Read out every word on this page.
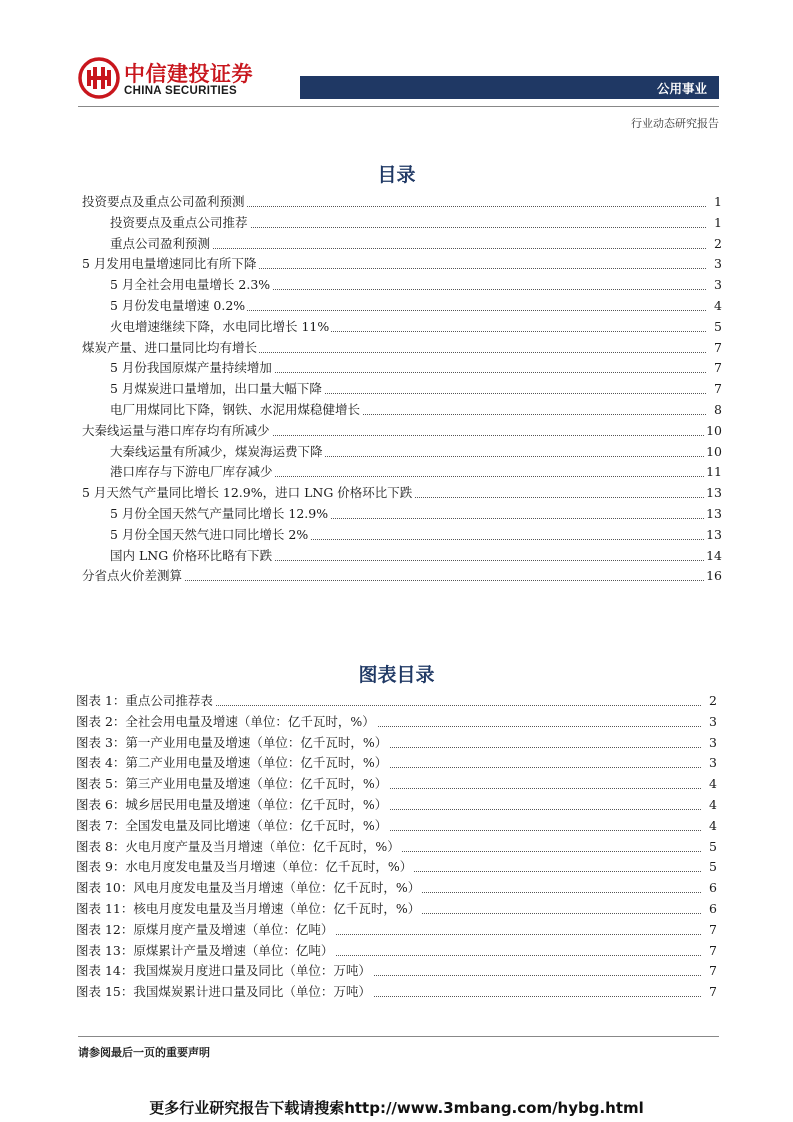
中信建投证券
CHINA SECURITIES	公用事业
行业动态研究报告
目录
投资要点及重点公司盈利预测	1
投资要点及重点公司推荐	1
重点公司盈利预测	2
5 月发用电量增速同比有所下降	3
5 月全社会用电量增长 2.3%	3
5 月份发电量增速 0.2%	4
火电增速继续下降，水电同比增长 11%	5
煤炭产量、进口量同比均有增长	7
5 月份我国原煤产量持续增加	7
5 月煤炭进口量增加，出口量大幅下降	7
电厂用煤同比下降，钢铁、水泥用煤稳健增长	8
大秦线运量与港口库存均有所减少	10
大秦线运量有所减少，煤炭海运费下降	10
港口库存与下游电厂库存减少	11
5 月天然气产量同比增长 12.9%，进口 LNG 价格环比下跌	13
5 月份全国天然气产量同比增长 12.9%	13
5 月份全国天然气进口同比增长 2%	13
国内 LNG 价格环比略有下跌	14
分省点火价差测算	16
图表目录
图表 1：重点公司推荐表	2
图表 2：全社会用电量及增速（单位：亿千瓦时，%）	3
图表 3：第一产业用电量及增速（单位：亿千瓦时，%）	3
图表 4：第二产业用电量及增速（单位：亿千瓦时，%）	3
图表 5：第三产业用电量及增速（单位：亿千瓦时，%）	4
图表 6：城乡居民用电量及增速（单位：亿千瓦时，%）	4
图表 7：全国发电量及同比增速（单位：亿千瓦时，%）	4
图表 8：火电月度产量及当月增速（单位：亿千瓦时，%）	5
图表 9：水电月度发电量及当月增速（单位：亿千瓦时，%）	5
图表 10：风电月度发电量及当月增速（单位：亿千瓦时，%）	6
图表 11：核电月度发电量及当月增速（单位：亿千瓦时，%）	6
图表 12：原煤月度产量及增速（单位：亿吨）	7
图表 13：原煤累计产量及增速（单位：亿吨）	7
图表 14：我国煤炭月度进口量及同比（单位：万吨）	7
图表 15：我国煤炭累计进口量及同比（单位：万吨）	7
请参阅最后一页的重要声明
更多行业研究报告下载请搜索http://www.3mbang.com/hybg.html
